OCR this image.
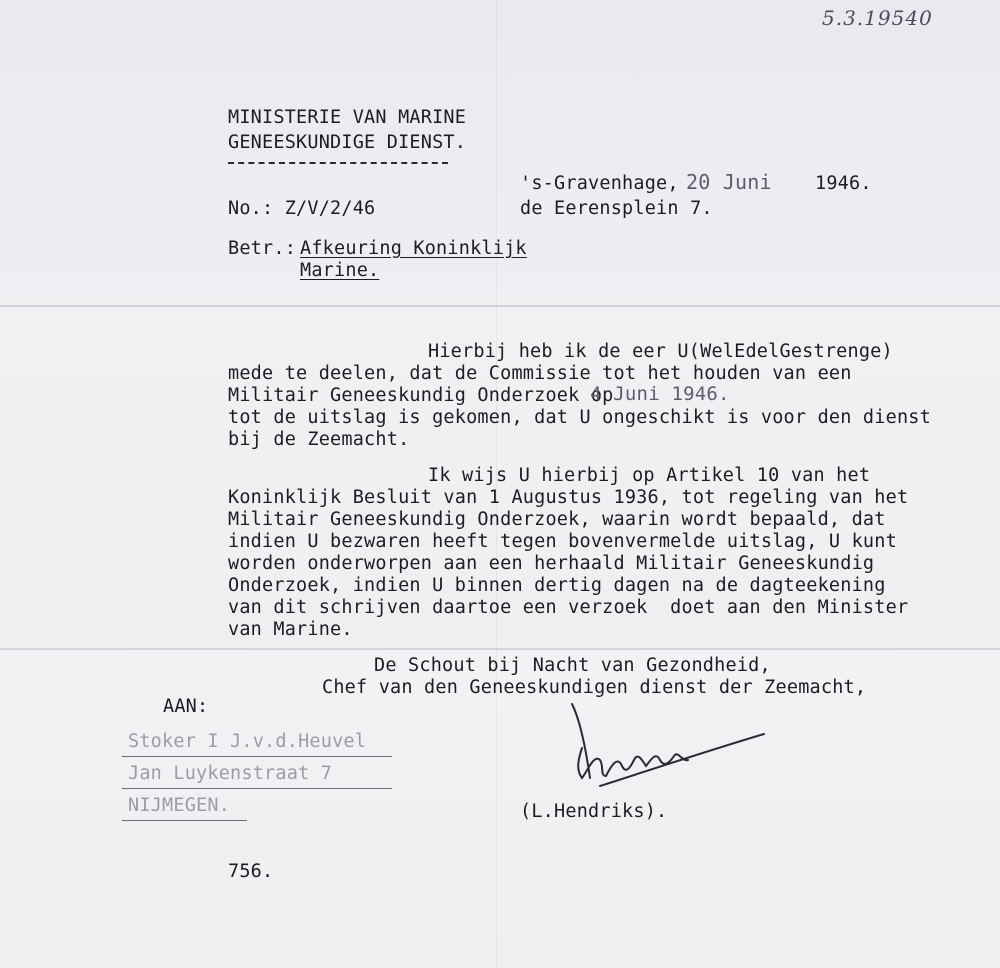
5.3.19540
MINISTERIE VAN MARINE
GENEESKUNDIGE DIENST.
's-Gravenhage, 20 Juni 1946.
de Eerensplein 7.
No.: Z/V/2/46
Betr.: Afkeuring Koninklijk
Marine.
Hierbij heb ik de eer U(WelEdelGestrenge)
mede te deelen, dat de Commissie tot het houden van een
Militair Geneeskundig Onderzoek op
4 Juni 1946.
tot de uitslag is gekomen, dat U ongeschikt is voor den dienst
bij de Zeemacht.
Ik wijs U hierbij op Artikel 10 van het
Koninklijk Besluit van 1 Augustus 1936, tot regeling van het
Militair Geneeskundig Onderzoek, waarin wordt bepaald, dat
indien U bezwaren heeft tegen bovenvermelde uitslag, U kunt
worden onderworpen aan een herhaald Militair Geneeskundig
Onderzoek, indien U binnen dertig dagen na de dagteekening
van dit schrijven daartoe een verzoek  doet aan den Minister
van Marine.
De Schout bij Nacht van Gezondheid,
Chef van den Geneeskundigen dienst der Zeemacht,
(L.Hendriks).
AAN:
Stoker I J.v.d.Heuvel
Jan Luykenstraat 7
NIJMEGEN.
756.
